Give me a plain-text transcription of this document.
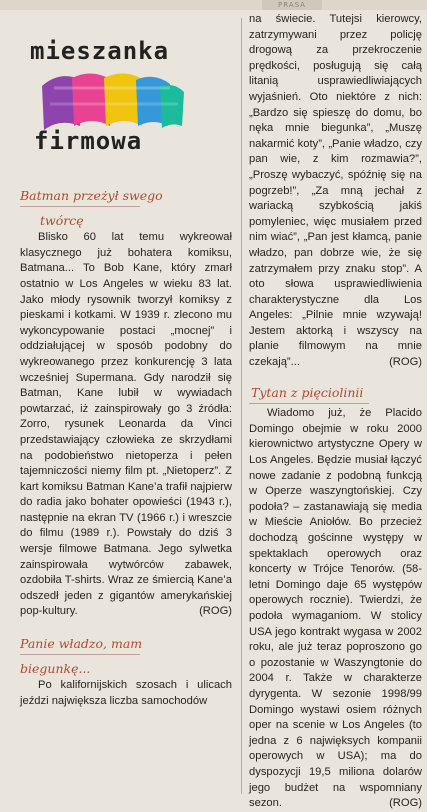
PRASA
mieszanka
firmowa
Batman przeżył swego
twórcę

Blisko 60 lat temu wykreował klasycznego już bohatera komiksu, Batmana... To Bob Kane, który zmarł ostatnio w Los Angeles w wieku 83 lat. Jako młody rysownik tworzył komiksy z pieskami i kotkami. W 1939 r. zlecono mu wykoncypowanie postaci „mocnej” i oddziałującej w sposób podobny do wykreowanego przez konkurencję 3 lata wcześniej Supermana. Gdy narodził się Batman, Kane lubił w wywiadach powtarzać, iż zainspirowały go 3 źródła: Zorro, rysunek Leonarda da Vinci przedstawiający człowieka ze skrzydłami na podobieństwo nietoperza i pełen tajemniczości niemy film pt. „Nietoperz”. Z kart komiksu Batman Kane’a trafił najpierw do radia jako bohater opowieści (1943 r.), następnie na ekran TV (1966 r.) i wreszcie do filmu (1989 r.). Powstały do dziś 3 wersje filmowe Batmana. Jego sylwetka zainspirowała wytwórców zabawek, ozdobiła T-shirts. Wraz ze śmiercią Kane’a odszedł jeden z gigantów amerykańskiej pop-kultury.	(ROG)

Panie władzo, mam
biegunkę...

Po kalifornijskich szosach i ulicach jeździ największa liczba samochodów

na świecie. Tutejsi kierowcy, zatrzymywani przez policję drogową za przekroczenie prędkości, posługują się całą litanią usprawiedliwiających wyjaśnień. Oto niektóre z nich: „Bardzo się spieszę do domu, bo nęka mnie biegunka”, „Muszę nakarmić koty”, „Panie władzo, czy pan wie, z kim rozmawia?”, „Proszę wybaczyć, spóźnię się na pogrzeb!”, „Za mną jechał z wariacką szybkością jakiś pomyleniec, więc musiałem przed nim wiać”, „Pan jest kłamcą, panie władzo, pan dobrze wie, że się zatrzymałem przy znaku stop”. A oto słowa usprawiedliwienia charakterystyczne dla Los Angeles: „Pilnie mnie wzywają! Jestem aktorką i wszyscy na planie filmowym na mnie czekają”...	(ROG)

Tytan z pięciolinii

Wiadomo już, że Placido Domingo obejmie w roku 2000 kierownictwo artystyczne Opery w Los Angeles. Będzie musiał łączyć nowe zadanie z podobną funkcją w Operze waszyngtońskiej. Czy podoła? – zastanawiają się media w Mieście Aniołów. Bo przecież dochodzą gościnne występy w spektaklach operowych oraz koncerty w Trójce Tenorów. (58-letni Domingo daje 65 występów operowych rocznie). Twierdzi, że podoła wymaganiom. W stolicy USA jego kontrakt wygasa w 2002 roku, ale już teraz poproszono go o pozostanie w Waszyngtonie do 2004 r. Także w charakterze dyrygenta. W sezonie 1998/99 Domingo wystawi osiem różnych oper na scenie w Los Angeles (to jedna z 6 najwięksych kompanii operowych w USA); ma do dyspozycji 19,5 miliona dolarów jego budżet na wspomniany sezon.	(ROG)
